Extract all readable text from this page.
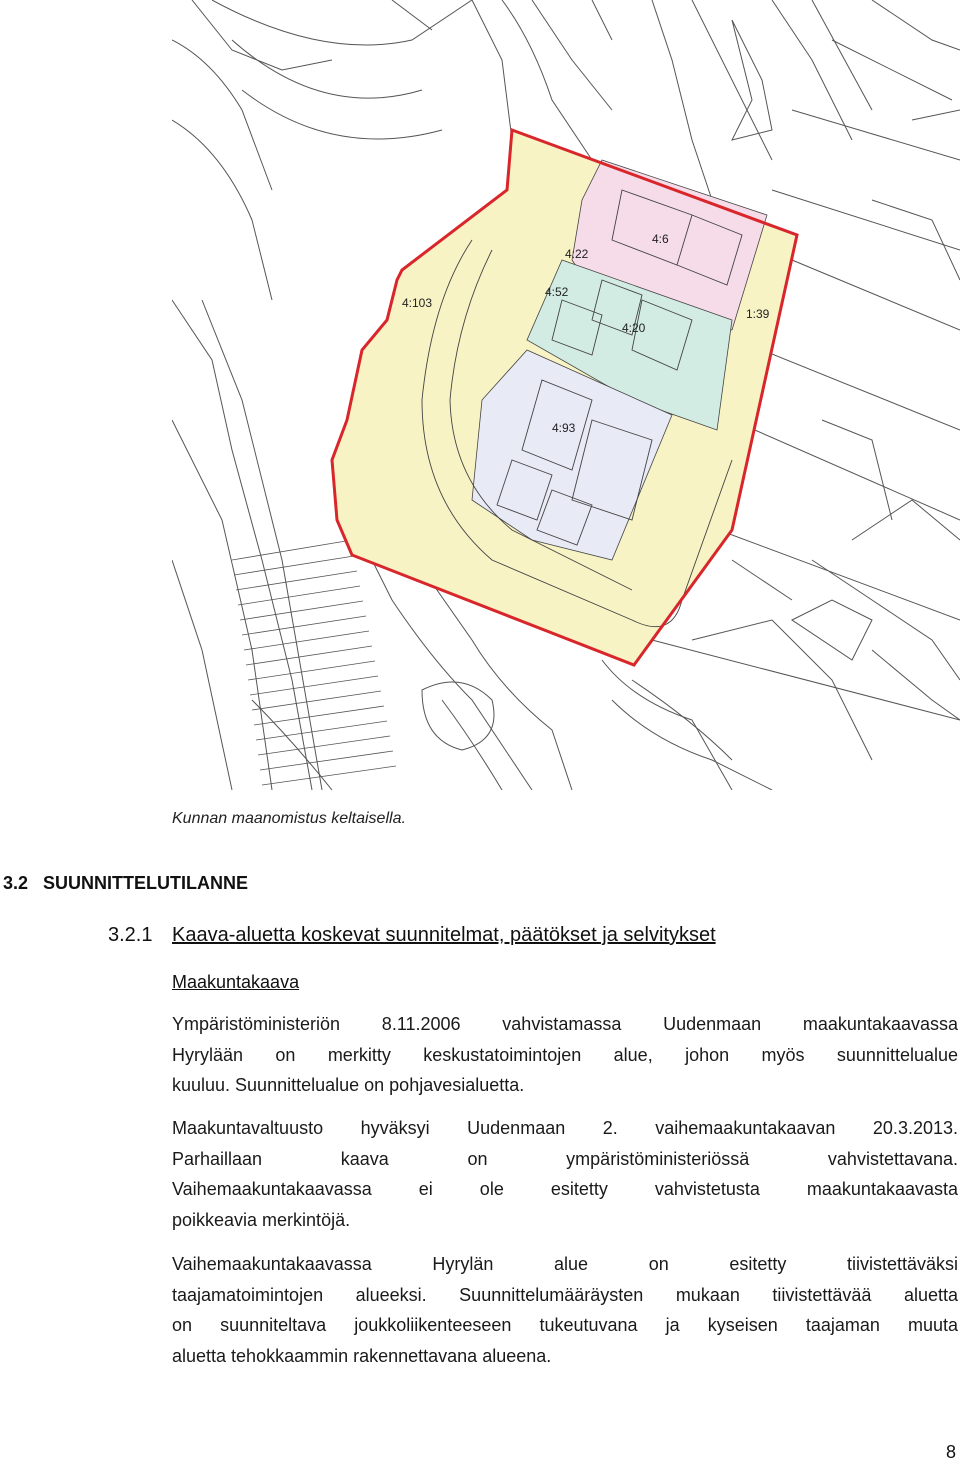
4:6
4:22
4:52
4:20
4:103
1:39
4:93
Kunnan maanomistus keltaisella.
3.2 SUUNNITTELUTILANNE
3.2.1 Kaava-aluetta koskevat suunnitelmat, päätökset ja selvitykset
Maakuntakaava
Ympäristöministeriön 8.11.2006 vahvistamassa Uudenmaan maakuntakaavassa
Hyrylään on merkitty keskustatoimintojen alue, johon myös suunnittelualue
kuuluu. Suunnittelualue on pohjavesialuetta.
Maakuntavaltuusto hyväksyi Uudenmaan 2. vaihemaakuntakaavan 20.3.2013.
Parhaillaan kaava on ympäristöministeriössä vahvistettavana.
Vaihemaakuntakaavassa ei ole esitetty vahvistetusta maakuntakaavasta
poikkeavia merkintöjä.
Vaihemaakuntakaavassa Hyrylän alue on esitetty tiivistettäväksi
taajamatoimintojen alueeksi. Suunnittelumääräysten mukaan tiivistettävää aluetta
on suunniteltava joukkoliikenteeseen tukeutuvana ja kyseisen taajaman muuta
aluetta tehokkaammin rakennettavana alueena.
8
